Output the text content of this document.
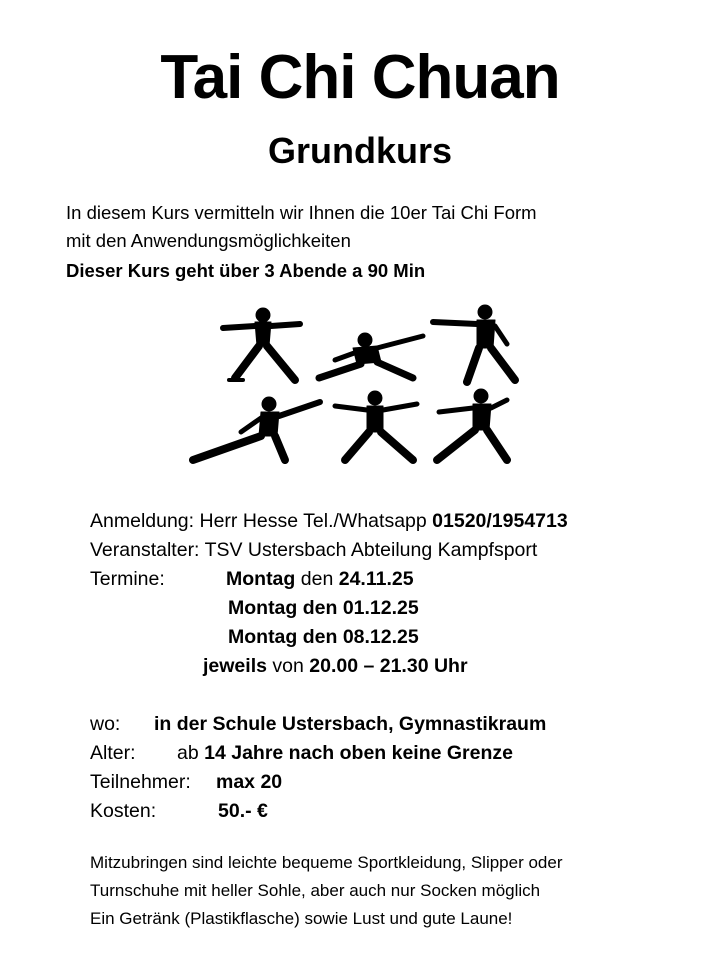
Tai Chi Chuan
Grundkurs
In diesem Kurs vermitteln wir Ihnen die 10er Tai Chi Form
mit den Anwendungsmöglichkeiten
Dieser Kurs geht über 3 Abende a 90 Min
Anmeldung: Herr Hesse Tel./Whatsapp 01520/1954713
Veranstalter: TSV Ustersbach Abteilung Kampfsport
Termine:	Montag den 24.11.25
Montag den 01.12.25
Montag den 08.12.25
jeweils von 20.00 – 21.30 Uhr
wo: in der Schule Ustersbach, Gymnastikraum
Alter: ab 14 Jahre nach oben keine Grenze
Teilnehmer: max 20
Kosten:	50.- €
Mitzubringen sind leichte bequeme Sportkleidung, Slipper oder
Turnschuhe mit heller Sohle, aber auch nur Socken möglich
Ein Getränk (Plastikflasche) sowie Lust und gute Laune!
